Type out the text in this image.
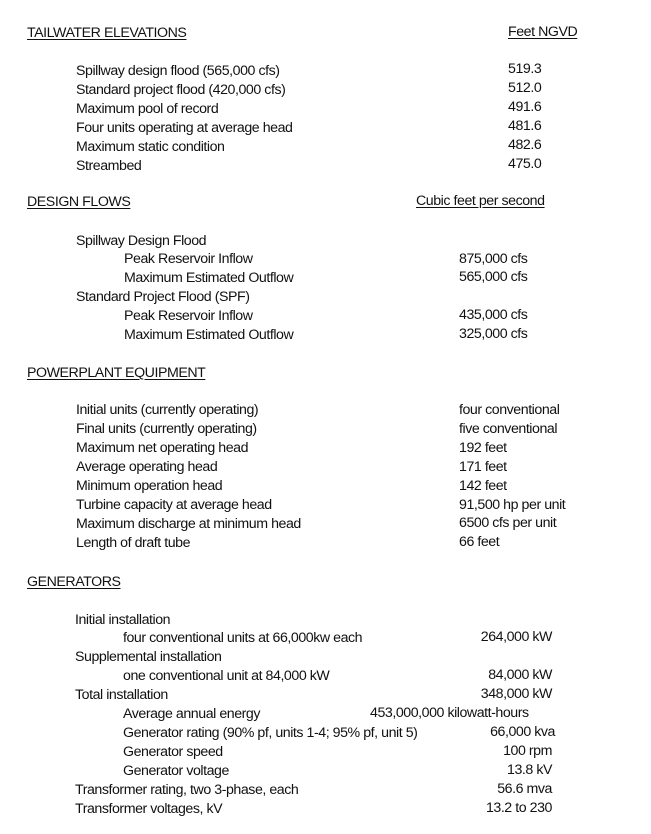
TAILWATER ELEVATIONS	Feet NGVD
Spillway design flood (565,000 cfs)	519.3
Standard project flood (420,000 cfs)	512.0
Maximum pool of record	491.6
Four units operating at average head	481.6
Maximum static condition	482.6
Streambed	475.0
DESIGN FLOWS	Cubic feet per second
Spillway Design Flood
Peak Reservoir Inflow	875,000 cfs
Maximum Estimated Outflow	565,000 cfs
Standard Project Flood (SPF)
Peak Reservoir Inflow	435,000 cfs
Maximum Estimated Outflow	325,000 cfs
POWERPLANT EQUIPMENT
Initial units (currently operating)	four conventional
Final units (currently operating)	five conventional
Maximum net operating head	192 feet
Average operating head	171 feet
Minimum operation head	142 feet
Turbine capacity at average head	91,500 hp per unit
Maximum discharge at minimum head	6500 cfs per unit
Length of draft tube	66 feet
GENERATORS
Initial installation
four conventional units at 66,000kw each	264,000 kW
Supplemental installation
one conventional unit at 84,000 kW	84,000 kW
Total installation	348,000 kW
Average annual energy	453,000,000 kilowatt-hours
Generator rating (90% pf, units 1-4; 95% pf, unit 5)	66,000 kva
Generator speed	100 rpm
Generator voltage	13.8 kV
Transformer rating, two 3-phase, each	56.6 mva
Transformer voltages, kV	13.2 to 230
